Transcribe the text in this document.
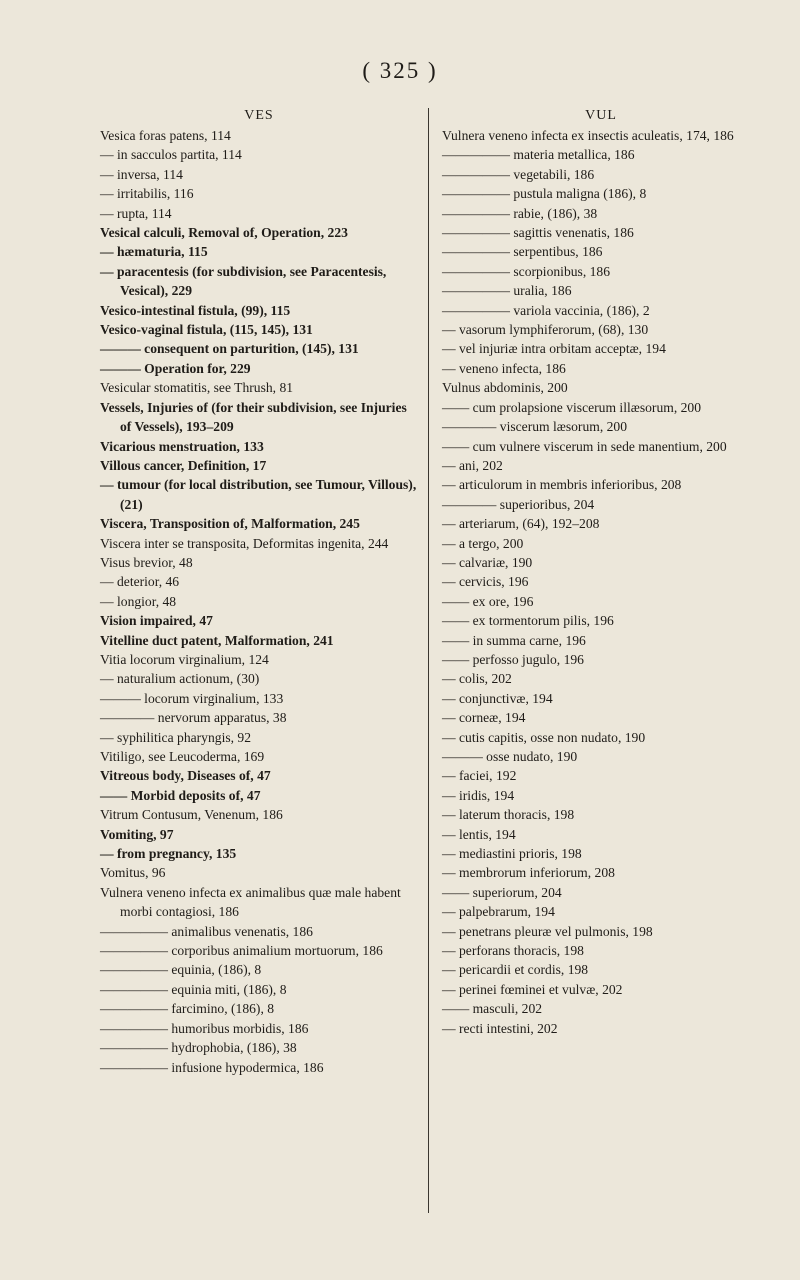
( 325 )
VES
Vesica foras patens, 114
— in sacculos partita, 114
— inversa, 114
— irritabilis, 116
— rupta, 114
Vesical calculi, Removal of, Operation, 223
— hæmaturia, 115
— paracentesis (for subdivision, see Paracentesis, Vesical), 229
Vesico-intestinal fistula, (99), 115
Vesico-vaginal fistula, (115, 145), 131
——— consequent on parturition, (145), 131
——— Operation for, 229
Vesicular stomatitis, see Thrush, 81
Vessels, Injuries of (for their subdivision, see Injuries of Vessels), 193–209
Vicarious menstruation, 133
Villous cancer, Definition, 17
— tumour (for local distribution, see Tumour, Villous), (21)
Viscera, Transposition of, Malformation, 245
Viscera inter se transposita, Deformitas ingenita, 244
Visus brevior, 48
— deterior, 46
— longior, 48
Vision impaired, 47
Vitelline duct patent, Malformation, 241
Vitia locorum virginalium, 124
— naturalium actionum, (30)
——— locorum virginalium, 133
———— nervorum apparatus, 38
— syphilitica pharyngis, 92
Vitiligo, see Leucoderma, 169
Vitreous body, Diseases of, 47
—— Morbid deposits of, 47
Vitrum Contusum, Venenum, 186
Vomiting, 97
— from pregnancy, 135
Vomitus, 96
Vulnera veneno infecta ex animalibus quæ male habent morbi contagiosi, 186
————— animalibus venenatis, 186
————— corporibus animalium mortuorum, 186
————— equinia, (186), 8
————— equinia miti, (186), 8
————— farcimino, (186), 8
————— humoribus morbidis, 186
————— hydrophobia, (186), 38
————— infusione hypodermica, 186
VUL
Vulnera veneno infecta ex insectis aculeatis, 174, 186
————— materia metallica, 186
————— vegetabili, 186
————— pustula maligna (186), 8
————— rabie, (186), 38
————— sagittis venenatis, 186
————— serpentibus, 186
————— scorpionibus, 186
————— uralia, 186
————— variola vaccinia, (186), 2
— vasorum lymphiferorum, (68), 130
— vel injuriæ intra orbitam acceptæ, 194
— veneno infecta, 186
Vulnus abdominis, 200
—— cum prolapsione viscerum illæsorum, 200
———— viscerum læsorum, 200
—— cum vulnere viscerum in sede manentium, 200
— ani, 202
— articulorum in membris inferioribus, 208
———— superioribus, 204
— arteriarum, (64), 192–208
— a tergo, 200
— calvariæ, 190
— cervicis, 196
—— ex ore, 196
—— ex tormentorum pilis, 196
—— in summa carne, 196
—— perfosso jugulo, 196
— colis, 202
— conjunctivæ, 194
— corneæ, 194
— cutis capitis, osse non nudato, 190
——— osse nudato, 190
— faciei, 192
— iridis, 194
— laterum thoracis, 198
— lentis, 194
— mediastini prioris, 198
— membrorum inferiorum, 208
—— superiorum, 204
— palpebrarum, 194
— penetrans pleuræ vel pulmonis, 198
— perforans thoracis, 198
— pericardii et cordis, 198
— perinei fœminei et vulvæ, 202
—— masculi, 202
— recti intestini, 202
